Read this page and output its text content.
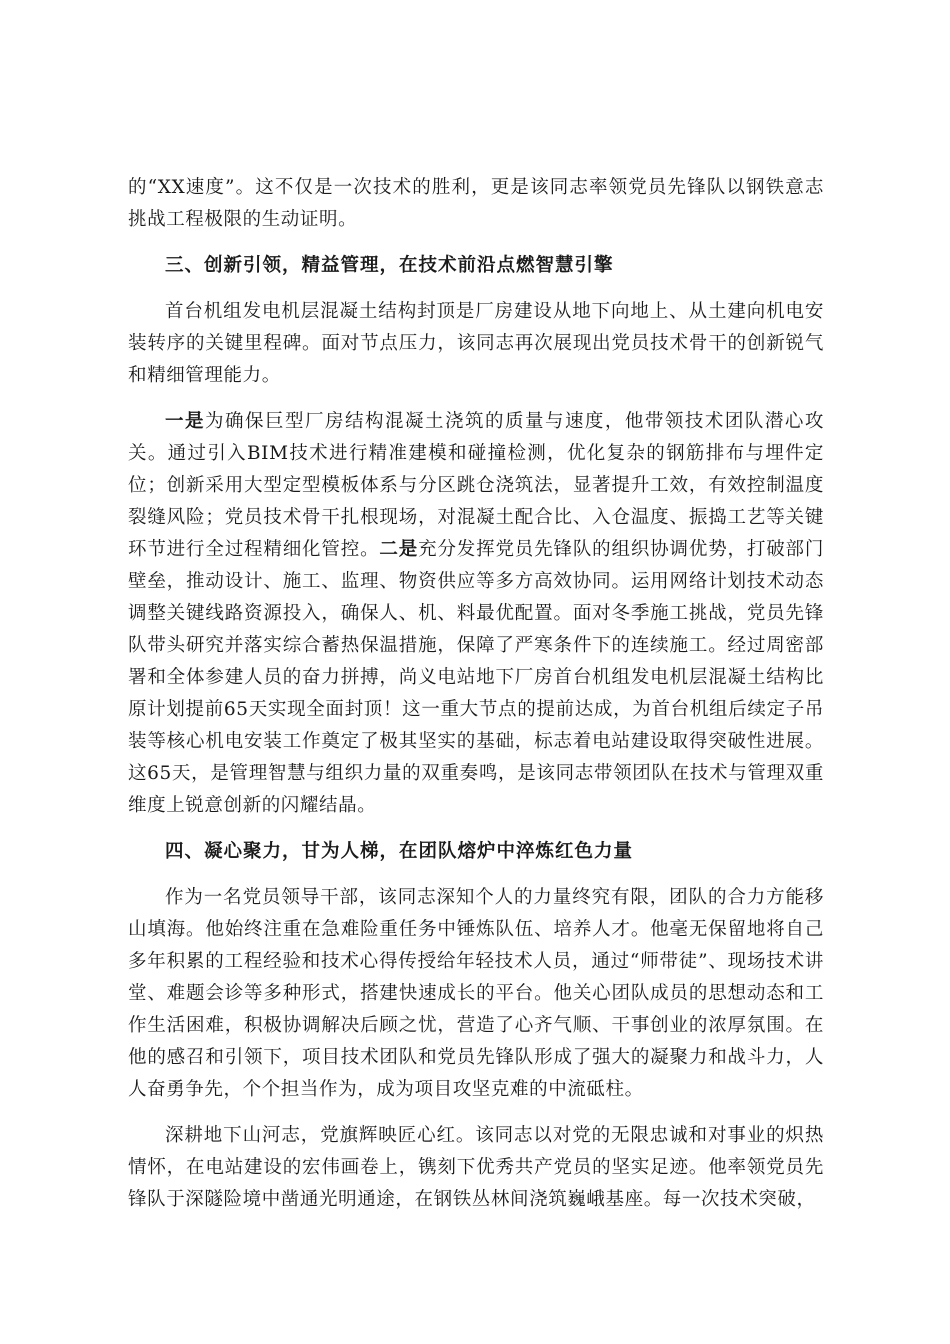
的“XX速度”。这不仅是一次技术的胜利，更是该同志率领党员先锋队以钢铁意志挑战工程极限的生动证明。

三、创新引领，精益管理，在技术前沿点燃智慧引擎

首台机组发电机层混凝土结构封顶是厂房建设从地下向地上、从土建向机电安装转序的关键里程碑。面对节点压力，该同志再次展现出党员技术骨干的创新锐气和精细管理能力。

一是为确保巨型厂房结构混凝土浇筑的质量与速度，他带领技术团队潜心攻关。通过引入BIM技术进行精准建模和碰撞检测，优化复杂的钢筋排布与埋件定位；创新采用大型定型模板体系与分区跳仓浇筑法，显著提升工效，有效控制温度裂缝风险；党员技术骨干扎根现场，对混凝土配合比、入仓温度、振捣工艺等关键环节进行全过程精细化管控。二是充分发挥党员先锋队的组织协调优势，打破部门壁垒，推动设计、施工、监理、物资供应等多方高效协同。运用网络计划技术动态调整关键线路资源投入，确保人、机、料最优配置。面对冬季施工挑战，党员先锋队带头研究并落实综合蓄热保温措施，保障了严寒条件下的连续施工。经过周密部署和全体参建人员的奋力拼搏，尚义电站地下厂房首台机组发电机层混凝土结构比原计划提前65天实现全面封顶！这一重大节点的提前达成，为首台机组后续定子吊装等核心机电安装工作奠定了极其坚实的基础，标志着电站建设取得突破性进展。这65天，是管理智慧与组织力量的双重奏鸣，是该同志带领团队在技术与管理双重维度上锐意创新的闪耀结晶。

四、凝心聚力，甘为人梯，在团队熔炉中淬炼红色力量

作为一名党员领导干部，该同志深知个人的力量终究有限，团队的合力方能移山填海。他始终注重在急难险重任务中锤炼队伍、培养人才。他毫无保留地将自己多年积累的工程经验和技术心得传授给年轻技术人员，通过“师带徒”、现场技术讲堂、难题会诊等多种形式，搭建快速成长的平台。他关心团队成员的思想动态和工作生活困难，积极协调解决后顾之忧，营造了心齐气顺、干事创业的浓厚氛围。在他的感召和引领下，项目技术团队和党员先锋队形成了强大的凝聚力和战斗力，人人奋勇争先，个个担当作为，成为项目攻坚克难的中流砥柱。

深耕地下山河志，党旗辉映匠心红。该同志以对党的无限忠诚和对事业的炽热情怀，在电站建设的宏伟画卷上，镌刻下优秀共产党员的坚实足迹。他率领党员先锋队于深隧险境中凿通光明通途，在钢铁丛林间浇筑巍峨基座。每一次技术突破，
